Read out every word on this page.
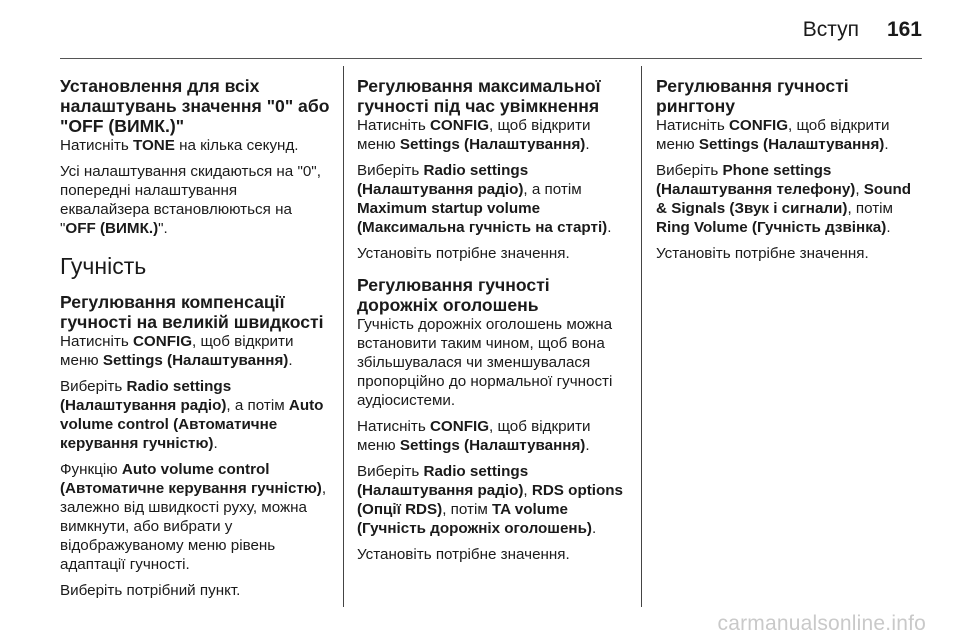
Вступ 161
Установлення для всіх налаштувань значення "0" або "OFF (ВИМК.)"

Натисніть TONE на кілька секунд.

Усі налаштування скидаються на "0", попередні налаштування еквалайзера встановлюються на "OFF (ВИМК.)".

Гучність
Регулювання компенсації гучності на великій швидкості

Натисніть CONFIG, щоб відкрити меню Settings (Налаштування).

Виберіть Radio settings (Налаштування радіо), а потім Auto volume control (Автоматичне керування гучністю).

Функцію Auto volume control (Автоматичне керування гучністю), залежно від швидкості руху, можна вимкнути, або вибрати у відображуваному меню рівень адаптації гучності.

Виберіть потрібний пункт.

Регулювання максимальної гучності під час увімкнення

Натисніть CONFIG, щоб відкрити меню Settings (Налаштування).

Виберіть Radio settings (Налаштування радіо), а потім Maximum startup volume (Максимальна гучність на старті).

Установіть потрібне значення.

Регулювання гучності дорожніх оголошень

Гучність дорожніх оголошень можна встановити таким чином, щоб вона збільшувалася чи зменшувалася пропорційно до нормальної гучності аудіосистеми.

Натисніть CONFIG, щоб відкрити меню Settings (Налаштування).

Виберіть Radio settings (Налаштування радіо), RDS options (Опції RDS), потім TA volume (Гучність дорожніх оголошень).

Установіть потрібне значення.

Регулювання гучності рингтону

Натисніть CONFIG, щоб відкрити меню Settings (Налаштування).

Виберіть Phone settings (Налаштування телефону), Sound & Signals (Звук і сигнали), потім Ring Volume (Гучність дзвінка).

Установіть потрібне значення.

carmanualsonline.info
